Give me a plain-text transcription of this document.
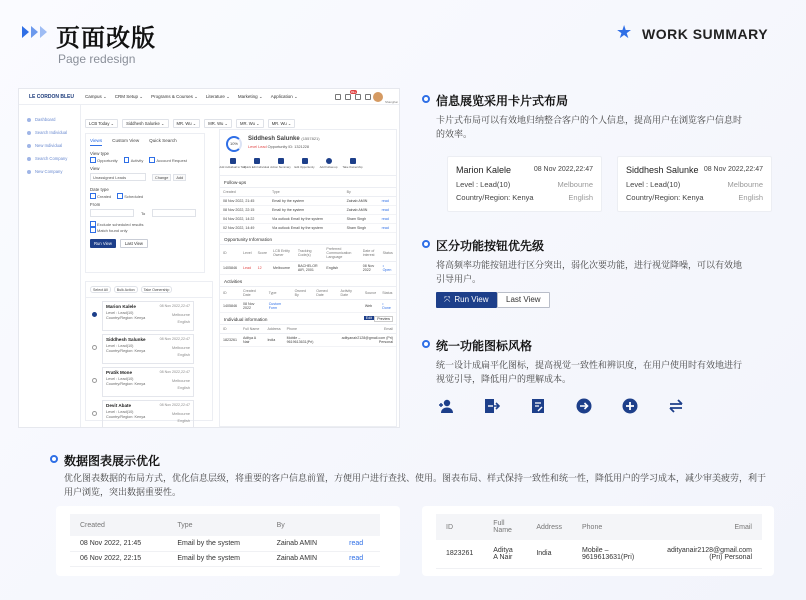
页面改版
Page redesign
★ WORK SUMMARY
LE CORDON BLEU	Campus ⌄ CRM Setup ⌄ Programs & Courses ⌄ Literature ⌄ Marketing ⌄ Application ⌄
99+
Shanghai
Dashboard
Search Individual
New Individual
Search Company
New Company
LCB Today ⌄	Siddhesh Salunke ⌄	MR. Wu ⌄	MR. Wu ⌄	MR. Wu ⌄	MR. Wu ⌄
Views Custom View Quick Search
View type
Opportunity	Activity	Account Request
View
Unassigned Leads	Change	Add
Date type
Created	Scheduled
From
To
Exclude scheduled results
Match found only
Run View	Last View
Select All	Bulk Action	Take Ownership
Marion Kalele	08 Nov 2022,22:47
Level : Lead(10)
Country/Region: Kenya
Melbourne
English
Siddhesh Salunke	08 Nov 2022,22:47
Level : Lead(10)
Country/Region: Kenya
Melbourne
English
Pratik Mone	08 Nov 2022,22:47
Level : Lead(10)
Country/Region: Kenya
Melbourne
English
Devit Abate	08 Nov 2022,22:47
Level : Lead(10)
Country/Region: Kenya
Melbourne
English
10%
Siddhesh Salunke (1557821)
Level Lead Opportunity ID: 1321228
Add individual to Talk
Quick Edit Individual Action Summary Edit Opportunity Add Follow-up Take Ownership
Follow-ups
Created	Type	By	
08 Nov 2022, 21:45	Email by the system	Zainab AMIN	read
08 Nov 2022, 22:15	Email by the system	Zainab AMIN	read
04 Nov 2022, 14:22	Via outlook Email by the system	Sham Singh	read
02 Nov 2022, 14:49	Via outlook Email by the system	Sham Singh	read
Opportunity Information
ID	Level	Score	LCB Entity Owner	Tracking Code(s)	Preferred Communication Language	Date of interest	Status
1405846	Lead	12	Melbourne	BACHELOR AIR, 2001	English	08 Nov 2022	• Open
Activities
ID	Created Date	Type	Owned By	Owned Date	Activity Date	Source	Status
1405846	08 Nov 2022	Custom Form				Web	• Done
Individual information	Edit	Preview
ID	Full Name	Address	Phone	Email
1823261	Aditya A Nair	India	Mobile – 9619613631(Pri)	adityanair2128@gmail.com (Pri) Personal
信息展览采用卡片式布局
卡片式布局可以有效地归纳整合客户的个人信息，提高用户在浏览客户信息时的效率。
Marion Kalele	08 Nov 2022,22:47
Level : Lead(10)
Country/Region: Kenya
Melbourne
English
Siddhesh Salunke 08 Nov 2022,22:47
Level : Lead(10)
Country/Region: Kenya
Melbourne
English
区分功能按钮优先级
将高频率功能按钮进行区分突出，弱化次要功能，进行视觉降噪，可以有效地引导用户。
⤧ Run View	Last View
统一功能图标风格
统一设计成扁平化图标，提高视觉一致性和辨识度，在用户使用时有效地进行视觉引导，降低用户的理解成本。
数据图表展示优化
优化图表数据的布局方式，优化信息层级，将重要的客户信息前置，方便用户进行查找、使用。图表布局、样式保持一致性和统一性，降低用户的学习成本，减少审美疲劳，利于用户浏览，突出数据重要性。
Created	Type	By	
08 Nov 2022, 21:45	Email by the system	Zainab AMIN	read
06 Nov 2022, 22:15	Email by the system	Zainab AMIN	read
ID	Full Name	Address	Phone	Email
1823261	Aditya A Nair	India	Mobile – 9619613631(Pri)	adityanair2128@gmail.com (Pri) Personal
